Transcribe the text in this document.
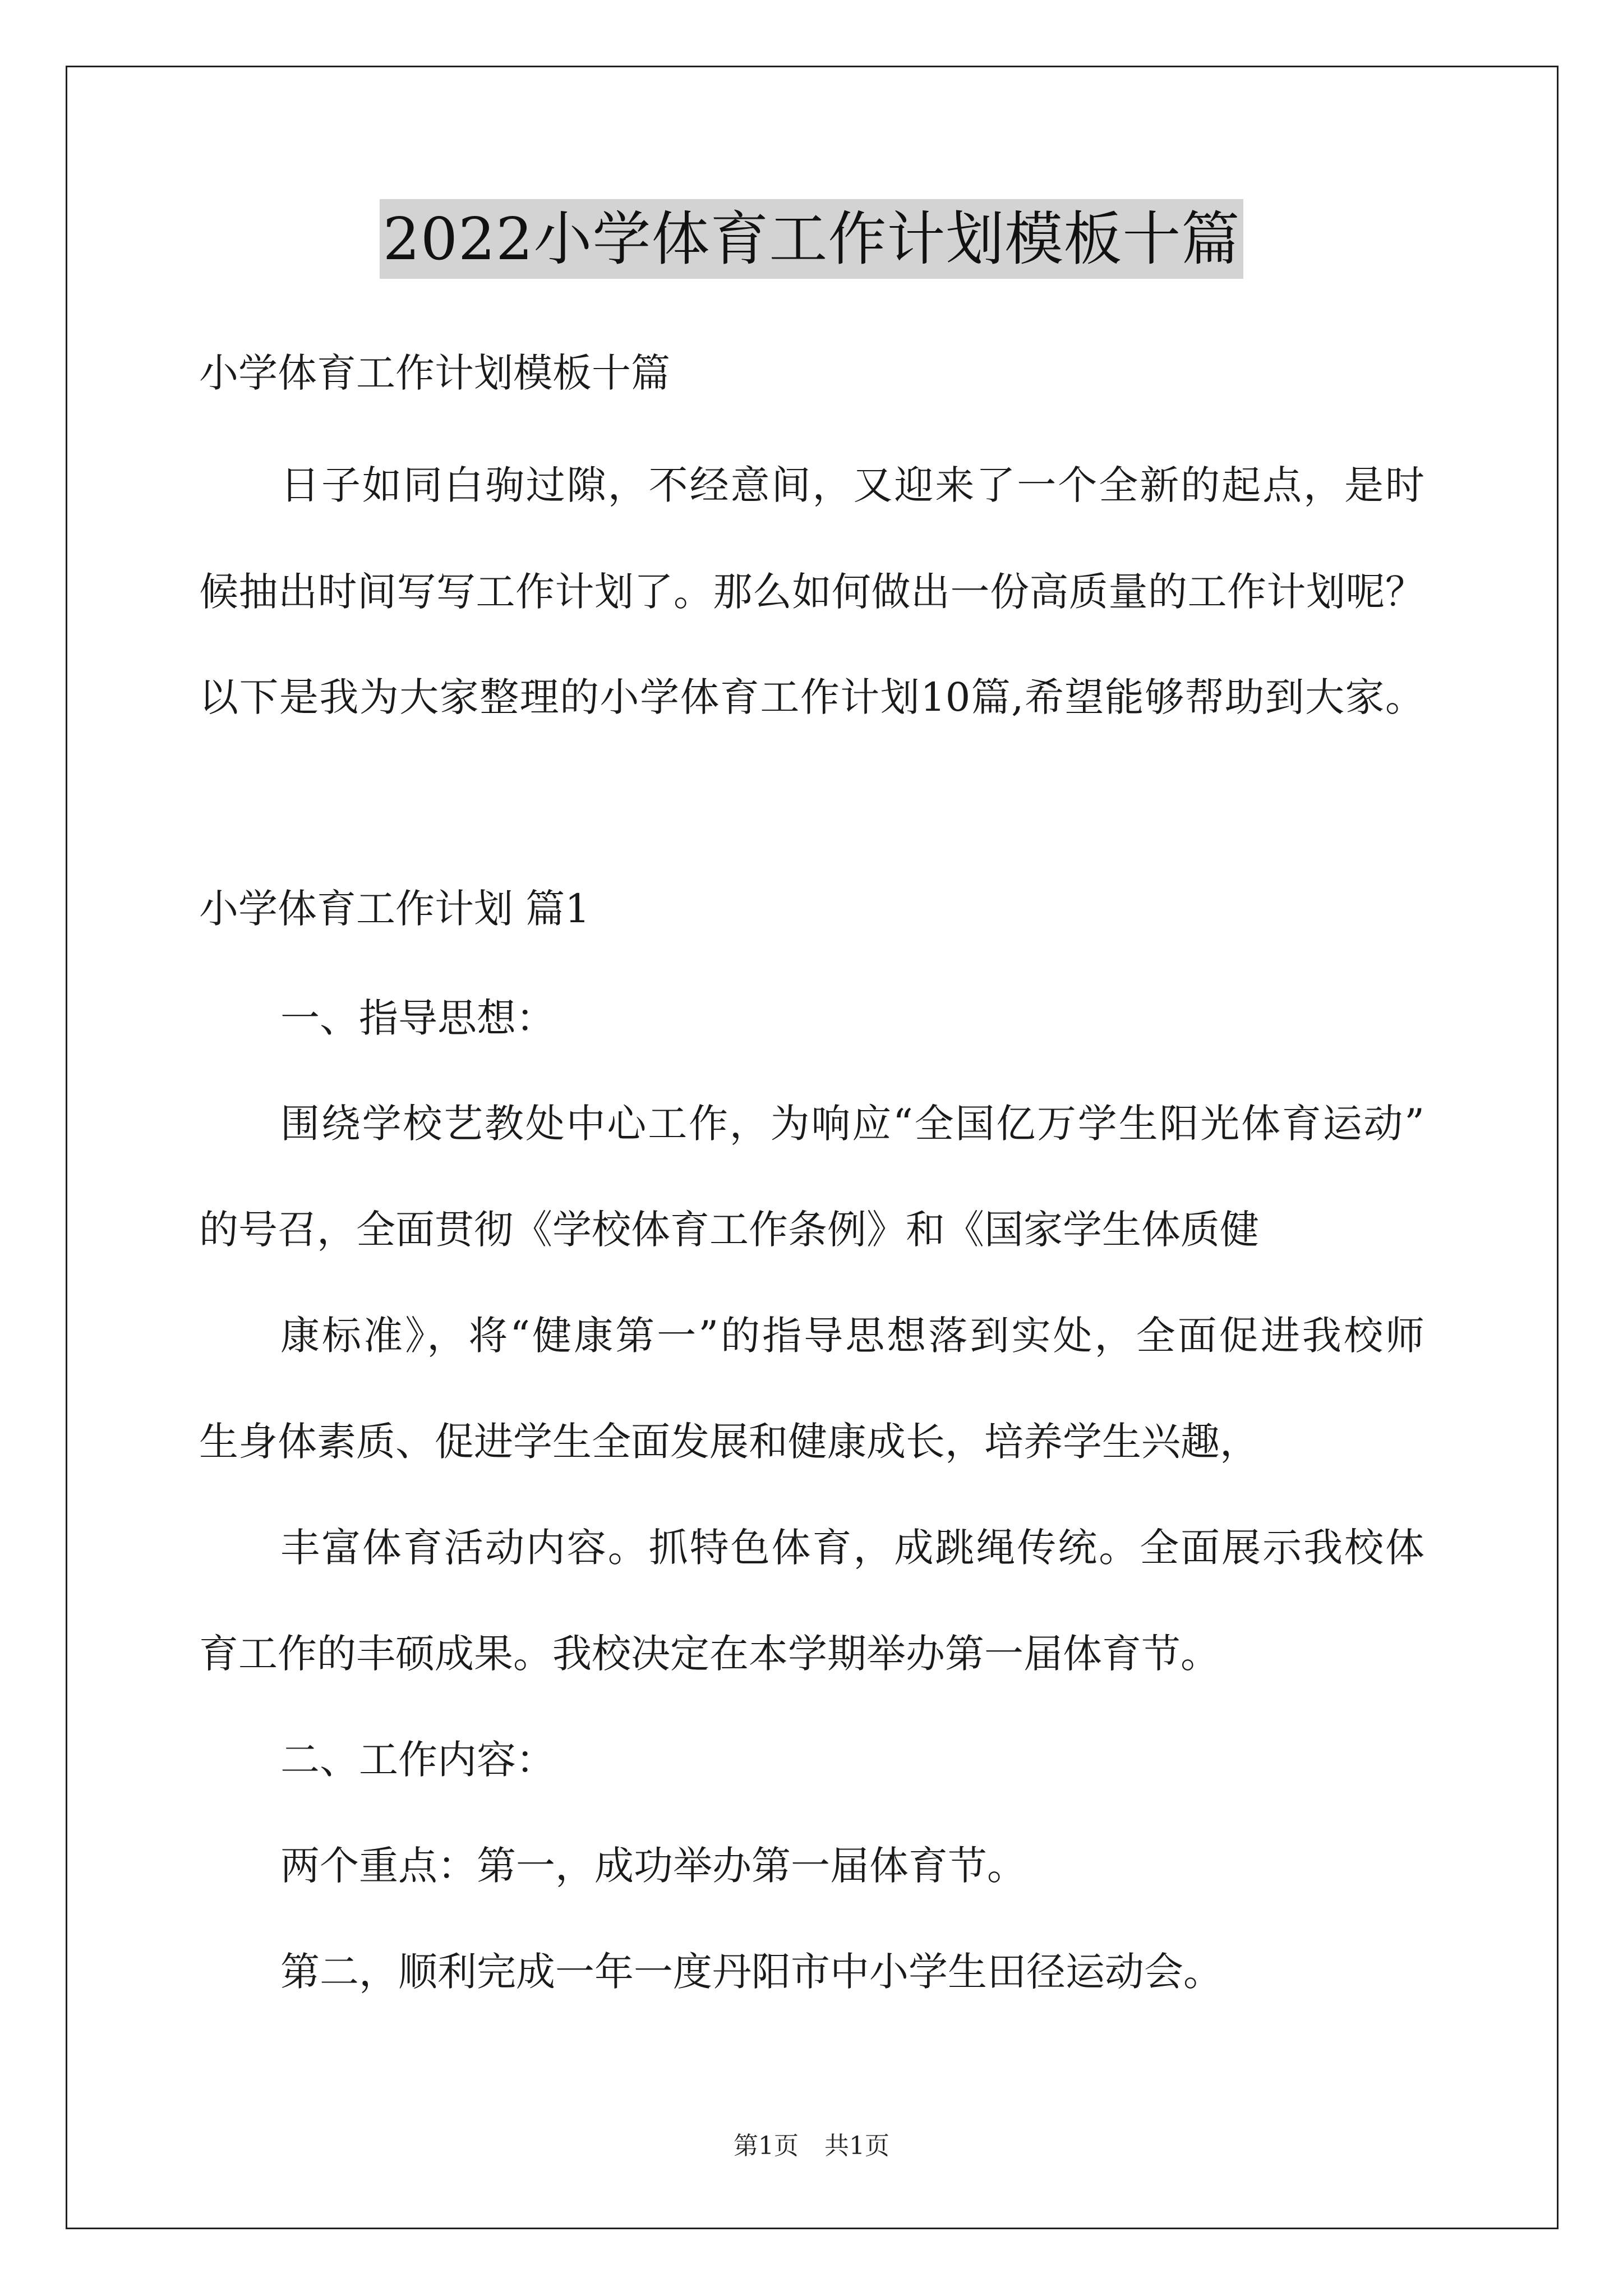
2022小学体育工作计划模板十篇
小学体育工作计划模板十篇
日子如同白驹过隙，不经意间，又迎来了一个全新的起点，是时
候抽出时间写写工作计划了。那么如何做出一份高质量的工作计划呢？
以下是我为大家整理的小学体育工作计划10篇,希望能够帮助到大家。
小学体育工作计划 篇1
一、指导思想：
围绕学校艺教处中心工作，为响应“全国亿万学生阳光体育运动”
的号召，全面贯彻《学校体育工作条例》和《国家学生体质健
康标准》，将“健康第一”的指导思想落到实处，全面促进我校师
生身体素质、促进学生全面发展和健康成长，培养学生兴趣，
丰富体育活动内容。抓特色体育，成跳绳传统。全面展示我校体
育工作的丰硕成果。我校决定在本学期举办第一届体育节。
二、工作内容：
两个重点：第一，成功举办第一届体育节。
第二，顺利完成一年一度丹阳市中小学生田径运动会。
第1页 共1页
